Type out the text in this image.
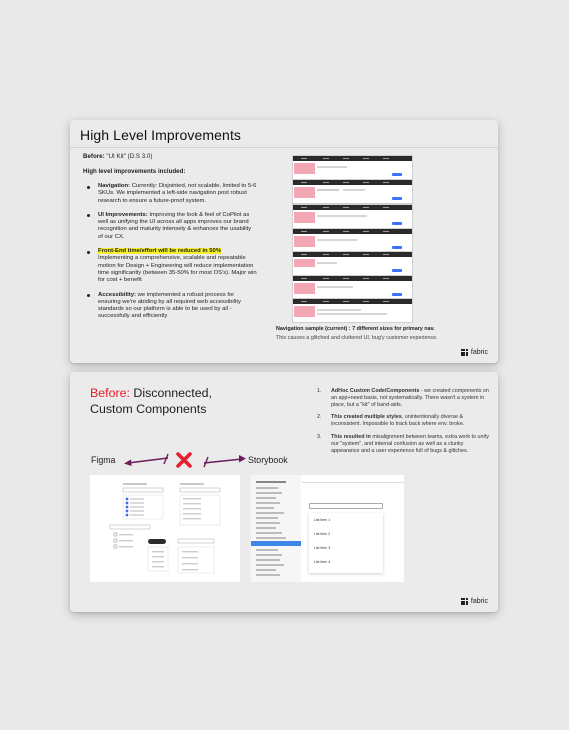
High Level Improvements
Before: "UI Kit" (D.S 3.0)
High level improvements included:
Navigation: Currently: Disjointed, not scalable, limited to 5-6 SKUs. We implemented a left-side navigation post robust research to ensure a future-proof system.
UI Improvements: Improving the look & feel of CoPilot as well as unifying the UI across all apps improves our brand recognition and maturity intensely & enhances the usability of our CX.
Front-End time/effort will be reduced in 50% Implementing a comprehensive, scalable and repeatable motion for Design + Engineering will reduce implementation time significantly (between 35-50% for most OS's). Major win for cost + benefit
Accessibility: we implemented a robust process for ensuring we're abiding by all required web accessibility standards so our platform is able to be used by all - successfully and efficiently
Navigation sample (current) : 7 different sizes for primary nav.
This causes a glitched and cluttered UI, bug'y customer experience.
fabric
Before: Disconnected,
Custom Components
1. AdHoc Custom Code/Components - we created components on an app+need basis, not systematically. There wasn't a system in place, but a "kit" of band-aids.
2. This created multiple styles, unintentionally diverse & inconsistent. Impossible to track back where env. broke.
3. This resulted in misalignment between teams, extra work to unify our "system", and internal confusion as well as a clunky appearance and a user experience full of bugs & glitches.
Figma	Storybook
List Item 1
List Item 2
List Item 3
List Item 4
fabric
